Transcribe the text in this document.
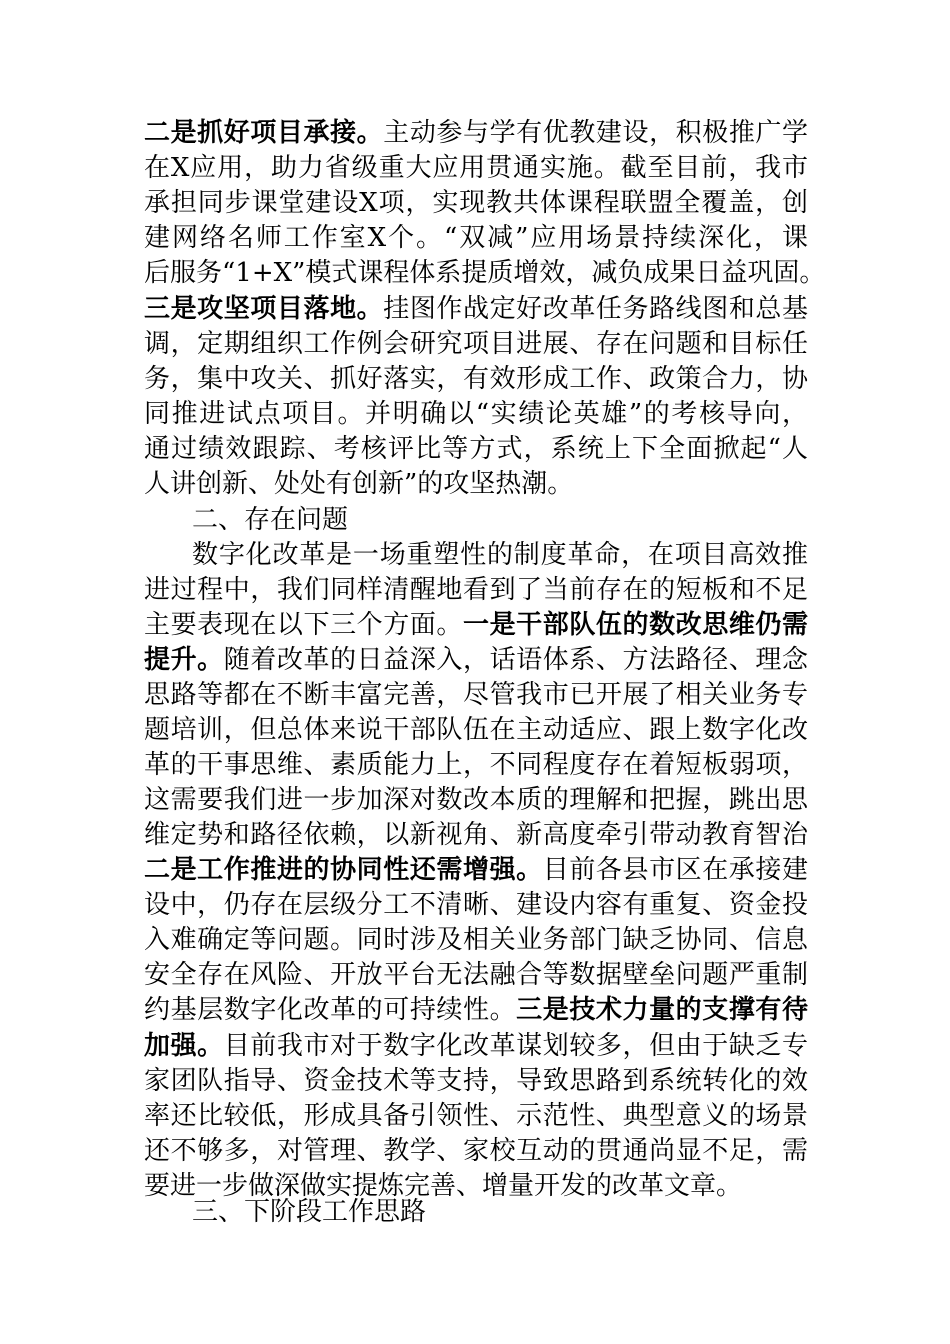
二是抓好项目承接。主动参与学有优教建设，积极推广学
在X应用，助力省级重大应用贯通实施。截至目前，我市
承担同步课堂建设X项，实现教共体课程联盟全覆盖，创
建网络名师工作室X个。“双减”应用场景持续深化，课
后服务“1+X”模式课程体系提质增效，减负成果日益巩固。
三是攻坚项目落地。挂图作战定好改革任务路线图和总基
调，定期组织工作例会研究项目进展、存在问题和目标任
务，集中攻关、抓好落实，有效形成工作、政策合力，协
同推进试点项目。并明确以“实绩论英雄”的考核导向，
通过绩效跟踪、考核评比等方式，系统上下全面掀起“人
人讲创新、处处有创新”的攻坚热潮。
二、存在问题
数字化改革是一场重塑性的制度革命，在项目高效推
进过程中，我们同样清醒地看到了当前存在的短板和不足
主要表现在以下三个方面。一是干部队伍的数改思维仍需
提升。随着改革的日益深入，话语体系、方法路径、理念
思路等都在不断丰富完善，尽管我市已开展了相关业务专
题培训，但总体来说干部队伍在主动适应、跟上数字化改
革的干事思维、素质能力上，不同程度存在着短板弱项，
这需要我们进一步加深对数改本质的理解和把握，跳出思
维定势和路径依赖，以新视角、新高度牵引带动教育智治
二是工作推进的协同性还需增强。目前各县市区在承接建
设中，仍存在层级分工不清晰、建设内容有重复、资金投
入难确定等问题。同时涉及相关业务部门缺乏协同、信息
安全存在风险、开放平台无法融合等数据壁垒问题严重制
约基层数字化改革的可持续性。三是技术力量的支撑有待
加强。目前我市对于数字化改革谋划较多，但由于缺乏专
家团队指导、资金技术等支持，导致思路到系统转化的效
率还比较低，形成具备引领性、示范性、典型意义的场景
还不够多，对管理、教学、家校互动的贯通尚显不足，需
要进一步做深做实提炼完善、增量开发的改革文章。
三、下阶段工作思路
